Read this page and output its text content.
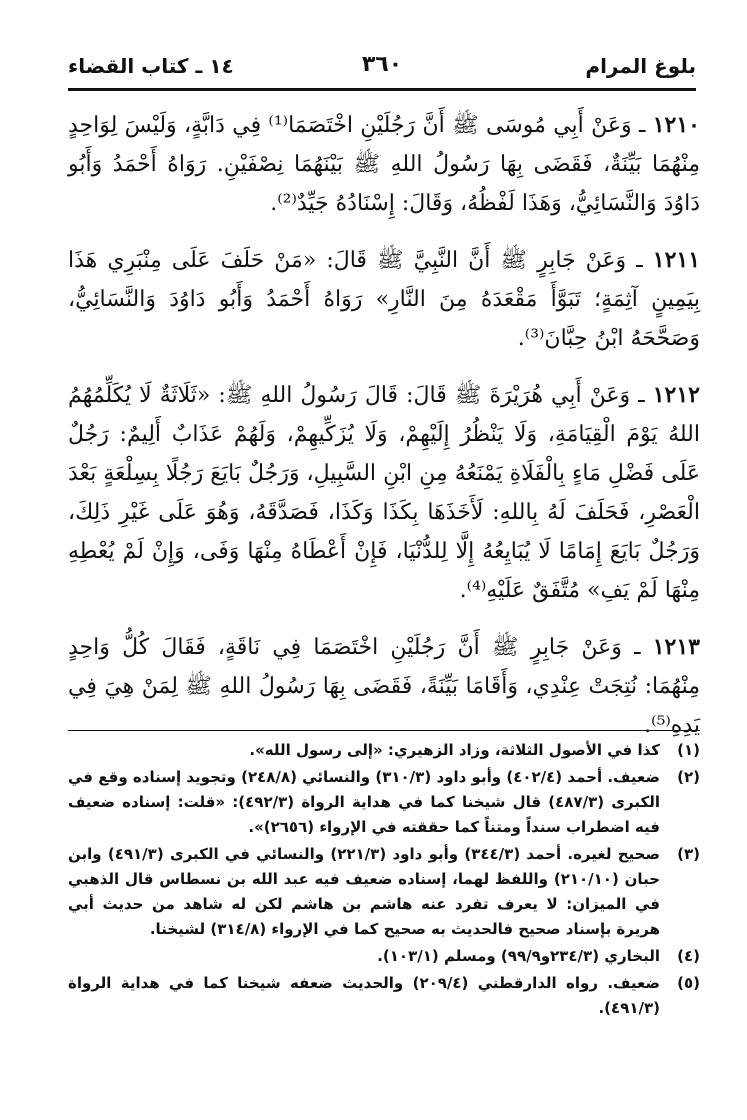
بلوغ المرام
٣٦٠
١٤ ـ كتاب القضاء

١٢١٠ ـ وَعَنْ أَبِي مُوسَى ﷺ أَنَّ رَجُلَيْنِ اخْتَصَمَا⁽¹⁾ فِي دَابَّةٍ، وَلَيْسَ لِوَاحِدٍ مِنْهُمَا بَيِّنَةٌ، فَقَضَى بِهَا رَسُولُ اللهِ ﷺ بَيْنَهُمَا نِصْفَيْنِ. رَوَاهُ أَحْمَدُ وَأَبُو دَاوُدَ وَالنَّسَائِيُّ، وَهَذَا لَفْظُهُ، وَقَالَ: إِسْنَادُهُ جَيِّدٌ⁽²⁾.

١٢١١ ـ وَعَنْ جَابِرٍ ﷺ أَنَّ النَّبِيَّ ﷺ قَالَ: «مَنْ حَلَفَ عَلَى مِنْبَرِي هَذَا بِيَمِينٍ آثِمَةٍ؛ تَبَوَّأَ مَقْعَدَهُ مِنَ النَّارِ» رَوَاهُ أَحْمَدُ وَأَبُو دَاوُدَ وَالنَّسَائِيُّ، وَصَحَّحَهُ ابْنُ حِبَّانَ⁽³⁾.

١٢١٢ ـ وَعَنْ أَبِي هُرَيْرَةَ ﷺ قَالَ: قَالَ رَسُولُ اللهِ ﷺ: «ثَلَاثَةٌ لَا يُكَلِّمُهُمُ اللهُ يَوْمَ الْقِيَامَةِ، وَلَا يَنْظُرُ إِلَيْهِمْ، وَلَا يُزَكِّيهِمْ، وَلَهُمْ عَذَابٌ أَلِيمٌ: رَجُلٌ عَلَى فَضْلِ مَاءٍ بِالْفَلَاةِ يَمْنَعُهُ مِنِ ابْنِ السَّبِيلِ، وَرَجُلٌ بَايَعَ رَجُلًا بِسِلْعَةٍ بَعْدَ الْعَصْرِ، فَحَلَفَ لَهُ بِاللهِ: لَأَخَذَهَا بِكَذَا وَكَذَا، فَصَدَّقَهُ، وَهُوَ عَلَى غَيْرِ ذَلِكَ، وَرَجُلٌ بَايَعَ إِمَامًا لَا يُبَايِعُهُ إِلَّا لِلدُّنْيَا، فَإِنْ أَعْطَاهُ مِنْهَا وَفَى، وَإِنْ لَمْ يُعْطِهِ مِنْهَا لَمْ يَفِ» مُتَّفَقٌ عَلَيْهِ⁽⁴⁾.

١٢١٣ ـ وَعَنْ جَابِرٍ ﷺ أَنَّ رَجُلَيْنِ اخْتَصَمَا فِي نَاقَةٍ، فَقَالَ كُلُّ وَاحِدٍ مِنْهُمَا: نُتِجَتْ عِنْدِي، وَأَقَامَا بَيِّنَةً، فَقَضَى بِهَا رَسُولُ اللهِ ﷺ لِمَنْ هِيَ فِي يَدِهِ⁽⁵⁾.

(١)
كذا في الأصول الثلاثة، وزاد الزهيري: «إلى رسول الله».
(٢)
ضعيف. أحمد (٤٠٢/٤) وأبو داود (٣١٠/٣) والنسائي (٢٤٨/٨) وتجويد إسناده وقع في الكبرى (٤٨٧/٣) قال شيخنا كما في هداية الرواة (٤٩٢/٣): «قلت: إسناده ضعيف فيه اضطراب سنداً ومتناً كما حققته في الإرواء (٢٦٥٦)».
(٣)
صحيح لغيره. أحمد (٣٤٤/٣) وأبو داود (٢٢١/٣) والنسائي في الكبرى (٤٩١/٣) وابن حبان (٢١٠/١٠) واللفظ لهما، إسناده ضعيف فيه عبد الله بن نسطاس قال الذهبي في الميزان: لا يعرف تفرد عنه هاشم بن هاشم لكن له شاهد من حديث أبي هريرة بإسناد صحيح فالحديث به صحيح كما في الإرواء (٣١٤/٨) لشيخنا.
(٤)
البخاري (٢٣٤/٣و٩٩/٩) ومسلم (١٠٣/١).
(٥)
ضعيف. رواه الدارقطني (٢٠٩/٤) والحديث ضعفه شيخنا كما في هداية الرواة (٤٩١/٣).
